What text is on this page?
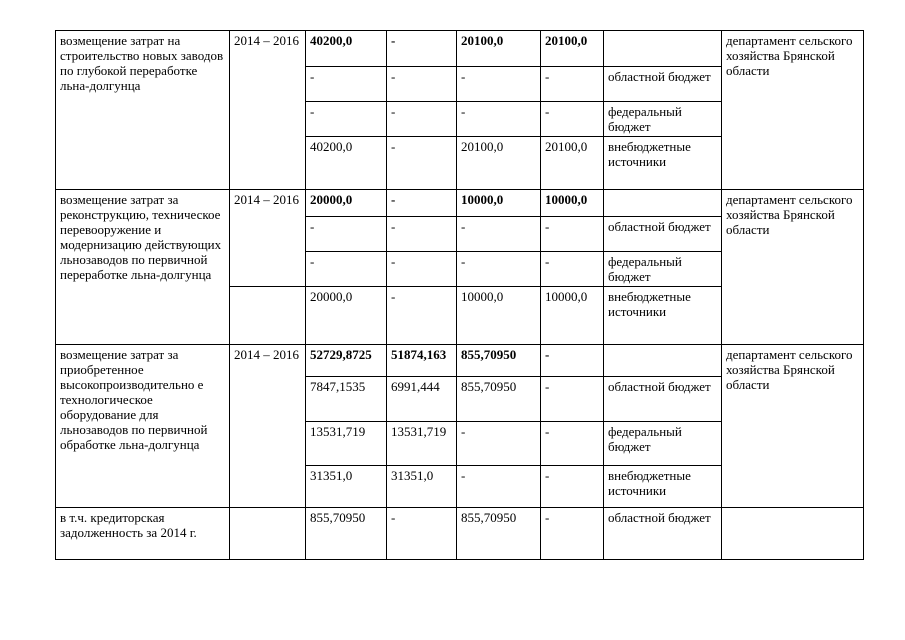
возмещение затрат на строительство новых заводов по глубокой переработке льна-долгунца	2014 – 2016	40200,0	-	20100,0	20100,0		департамент сельского хозяйства Брянской области
		-	-	-	-	областной бюджет	
		-	-	-	-	федеральный бюджет	
		40200,0	-	20100,0	20100,0	внебюджетные источники	
возмещение затрат за реконструкцию, техническое перевооружение и модернизацию действующих льнозаводов по первичной переработке льна-долгунца	2014 – 2016	20000,0	-	10000,0	10000,0		департамент сельского хозяйства Брянской области
		-	-	-	-	областной бюджет	
		-	-	-	-	федеральный бюджет	
		20000,0	-	10000,0	10000,0	внебюджетные источники	
возмещение затрат за приобретенное высокопроизводительно е технологическое оборудование для льнозаводов по первичной обработке льна-долгунца	2014 – 2016	52729,8725	51874,163	855,70950	-		департамент сельского хозяйства Брянской области
		7847,1535	6991,444	855,70950	-	областной бюджет	
		13531,719	13531,719	-	-	федеральный бюджет	
		31351,0	31351,0	-	-	внебюджетные источники	
в т.ч. кредиторская задолженность за 2014 г.		855,70950	-	855,70950	-	областной бюджет	
